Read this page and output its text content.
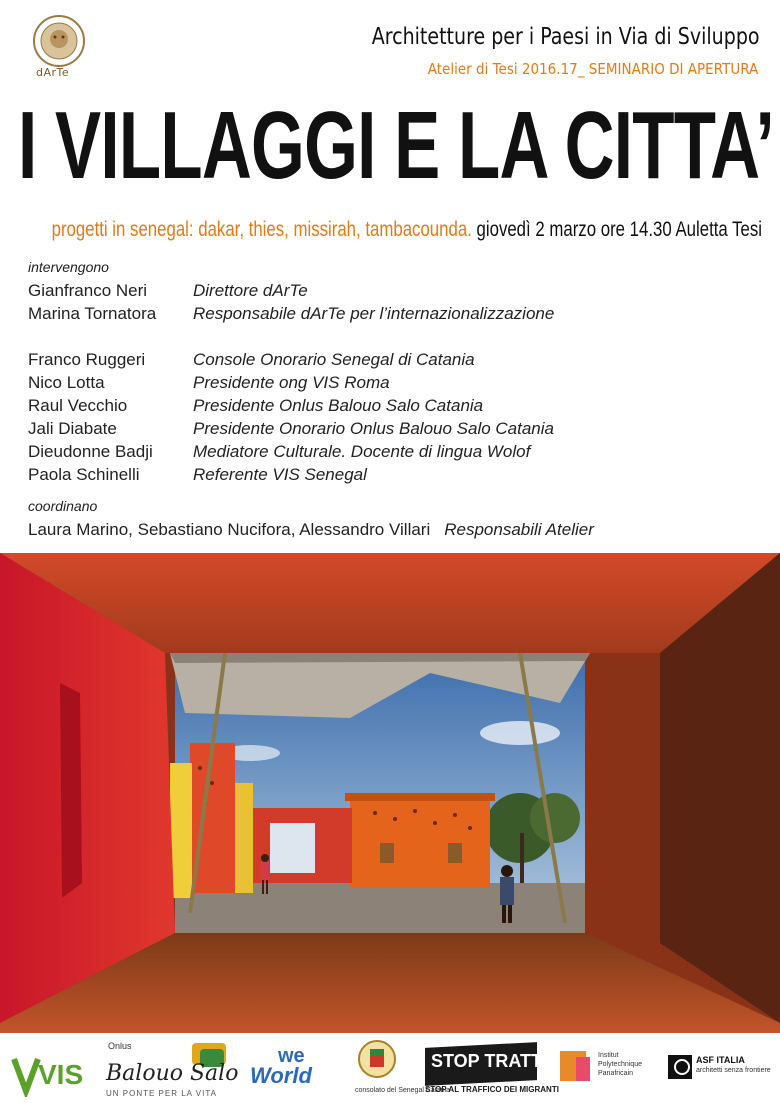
dArTe
Architetture per i Paesi in Via di Sviluppo
Atelier di Tesi 2016.17_ SEMINARIO DI APERTURA
I VILLAGGI E LA CITTA’
progetti in senegal: dakar, thies, missirah, tambacounda. giovedì 2 marzo ore 14.30 Auletta Tesi
intervengono
Gianfranco Neri	Direttore dArTe
Marina Tornatora	Responsabile dArTe per l’internazionalizzazione
Franco Ruggeri	Console Onorario Senegal di Catania
Nico Lotta	Presidente ong VIS Roma
Raul Vecchio	Presidente Onlus Balouo Salo Catania
Jali Diabate	Presidente Onorario Onlus Balouo Salo Catania
Dieudonne Badji	Mediatore Culturale. Docente di lingua Wolof
Paola Schinelli	Referente VIS Senegal
coordinano
Laura Marino, Sebastiano Nucifora, Alessandro Villari Responsabili Atelier
VIS
Onlus
Balouo Salo
UN PONTE PER LA VITA
we
World
consolato del Senegal Catania
STOP TRATTA
STOP AL TRAFFICO DEI MIGRANTI
Institut
Polytechnique
Panafricain
ASF ITALIA
architetti senza frontiere
